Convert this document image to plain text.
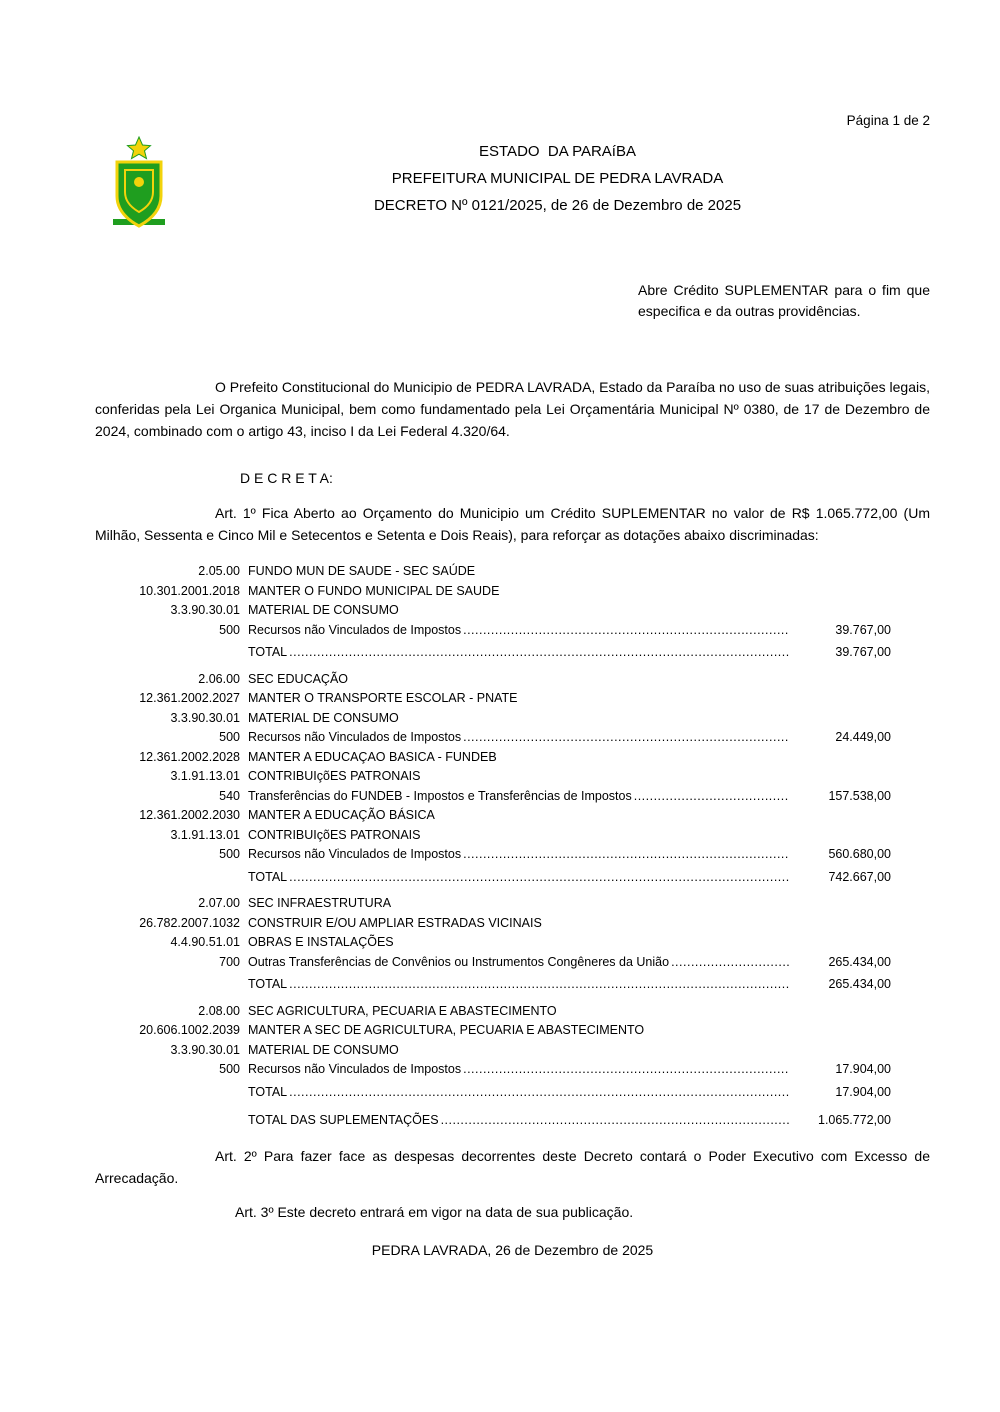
Página 1 de 2
ESTADO  DA PARAíBA
PREFEITURA MUNICIPAL DE PEDRA LAVRADA
DECRETO Nº 0121/2025, de 26 de Dezembro de 2025

Abre Crédito SUPLEMENTAR para o fim que especifica e da outras providências.

O Prefeito Constitucional do Municipio de PEDRA LAVRADA, Estado da Paraíba no uso de suas atribuições legais, conferidas pela Lei Organica Municipal, bem como fundamentado pela Lei Orçamentária Municipal Nº 0380, de 17 de Dezembro de 2024, combinado com o artigo 43, inciso I da Lei Federal 4.320/64.

D E C R E T A:

Art. 1º Fica Aberto ao Orçamento do Municipio um Crédito SUPLEMENTAR no valor de R$ 1.065.772,00 (Um Milhão, Sessenta e Cinco Mil e Setecentos e Setenta e Dois Reais), para reforçar as dotações abaixo discriminadas:

2.05.00 FUNDO MUN DE SAUDE - SEC SAÚDE
10.301.2001.2018 MANTER O FUNDO MUNICIPAL DE SAUDE
3.3.90.30.01 MATERIAL DE CONSUMO
500 Recursos não Vinculados de Impostos .....	39.767,00
TOTAL .....	39.767,00
2.06.00 SEC EDUCAÇÃO
12.361.2002.2027 MANTER O TRANSPORTE ESCOLAR - PNATE
3.3.90.30.01 MATERIAL DE CONSUMO
500 Recursos não Vinculados de Impostos .....	24.449,00
12.361.2002.2028 MANTER A EDUCAÇAO BASICA - FUNDEB
3.1.91.13.01 CONTRIBUIçõES PATRONAIS
540 Transferências do FUNDEB - Impostos e Transferências de Impostos .....	157.538,00
12.361.2002.2030 MANTER A EDUCAÇÃO BÁSICA
3.1.91.13.01 CONTRIBUIçõES PATRONAIS
500 Recursos não Vinculados de Impostos .....	560.680,00
TOTAL .....	742.667,00
2.07.00 SEC INFRAESTRUTURA
26.782.2007.1032 CONSTRUIR E/OU AMPLIAR ESTRADAS VICINAIS
4.4.90.51.01 OBRAS E INSTALAÇÕES
700 Outras Transferências de Convênios ou Instrumentos Congêneres da União .....	265.434,00
TOTAL .....	265.434,00
2.08.00 SEC AGRICULTURA, PECUARIA E ABASTECIMENTO
20.606.1002.2039 MANTER A SEC DE AGRICULTURA, PECUARIA E ABASTECIMENTO
3.3.90.30.01 MATERIAL DE CONSUMO
500 Recursos não Vinculados de Impostos .....	17.904,00
TOTAL .....	17.904,00
TOTAL DAS SUPLEMENTAÇÕES .....	1.065.772,00

Art. 2º Para fazer face as despesas decorrentes deste Decreto contará o Poder Executivo com Excesso de Arrecadação.

Art. 3º Este decreto entrará em vigor na data de sua publicação.

PEDRA LAVRADA, 26 de Dezembro de 2025
